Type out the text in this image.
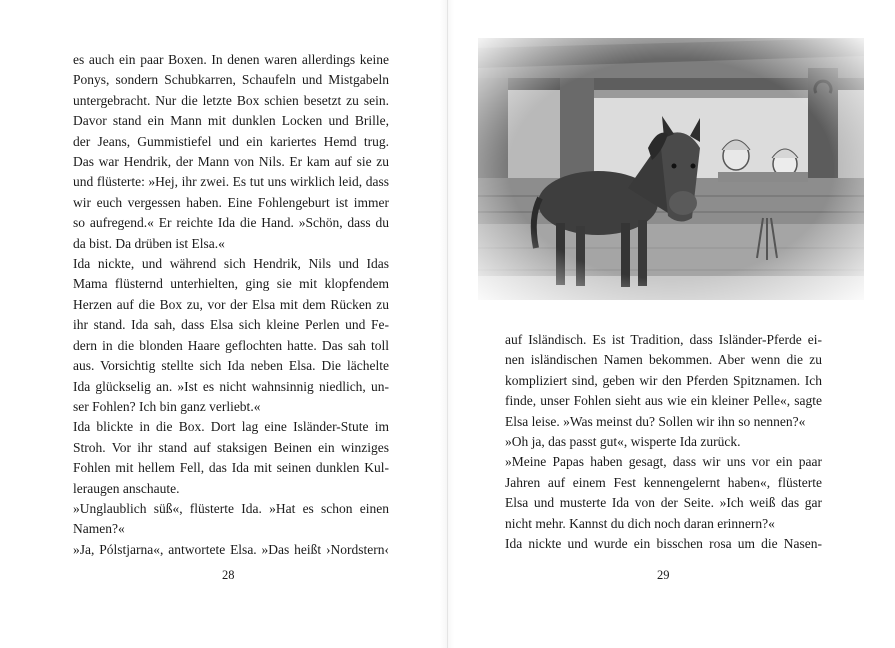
es auch ein paar Boxen. In denen waren allerdings keine
Ponys, sondern Schubkarren, Schaufeln und Mistgabeln
untergebracht. Nur die letzte Box schien besetzt zu sein.
Davor stand ein Mann mit dunklen Locken und Brille,
der Jeans, Gummistiefel und ein kariertes Hemd trug.
Das war Hendrik, der Mann von Nils. Er kam auf sie zu
und flüsterte: »Hej, ihr zwei. Es tut uns wirklich leid, dass
wir euch vergessen haben. Eine Fohlengeburt ist immer
so aufregend.« Er reichte Ida die Hand. »Schön, dass du
da bist. Da drüben ist Elsa.«
Ida nickte, und während sich Hendrik, Nils und Idas
Mama flüsternd unterhielten, ging sie mit klopfendem
Herzen auf die Box zu, vor der Elsa mit dem Rücken zu
ihr stand. Ida sah, dass Elsa sich kleine Perlen und Fe-
dern in die blonden Haare geflochten hatte. Das sah toll
aus. Vorsichtig stellte sich Ida neben Elsa. Die lächelte
Ida glückselig an. »Ist es nicht wahnsinnig niedlich, un-
ser Fohlen? Ich bin ganz verliebt.«
Ida blickte in die Box. Dort lag eine Isländer-Stute im
Stroh. Vor ihr stand auf staksigen Beinen ein winziges
Fohlen mit hellem Fell, das Ida mit seinen dunklen Kul-
leraugen anschaute.
»Unglaublich süß«, flüsterte Ida. »Hat es schon einen
Namen?«
»Ja, Pólstjarna«, antwortete Elsa. »Das heißt ›Nordstern‹
28
auf Isländisch. Es ist Tradition, dass Isländer-Pferde ei-
nen isländischen Namen bekommen. Aber wenn die zu
kompliziert sind, geben wir den Pferden Spitznamen. Ich
finde, unser Fohlen sieht aus wie ein kleiner Pelle«, sagte
Elsa leise. »Was meinst du? Sollen wir ihn so nennen?«
»Oh ja, das passt gut«, wisperte Ida zurück.
»Meine Papas haben gesagt, dass wir uns vor ein paar
Jahren auf einem Fest kennengelernt haben«, flüsterte
Elsa und musterte Ida von der Seite. »Ich weiß das gar
nicht mehr. Kannst du dich noch daran erinnern?«
Ida nickte und wurde ein bisschen rosa um die Nasen-
29
